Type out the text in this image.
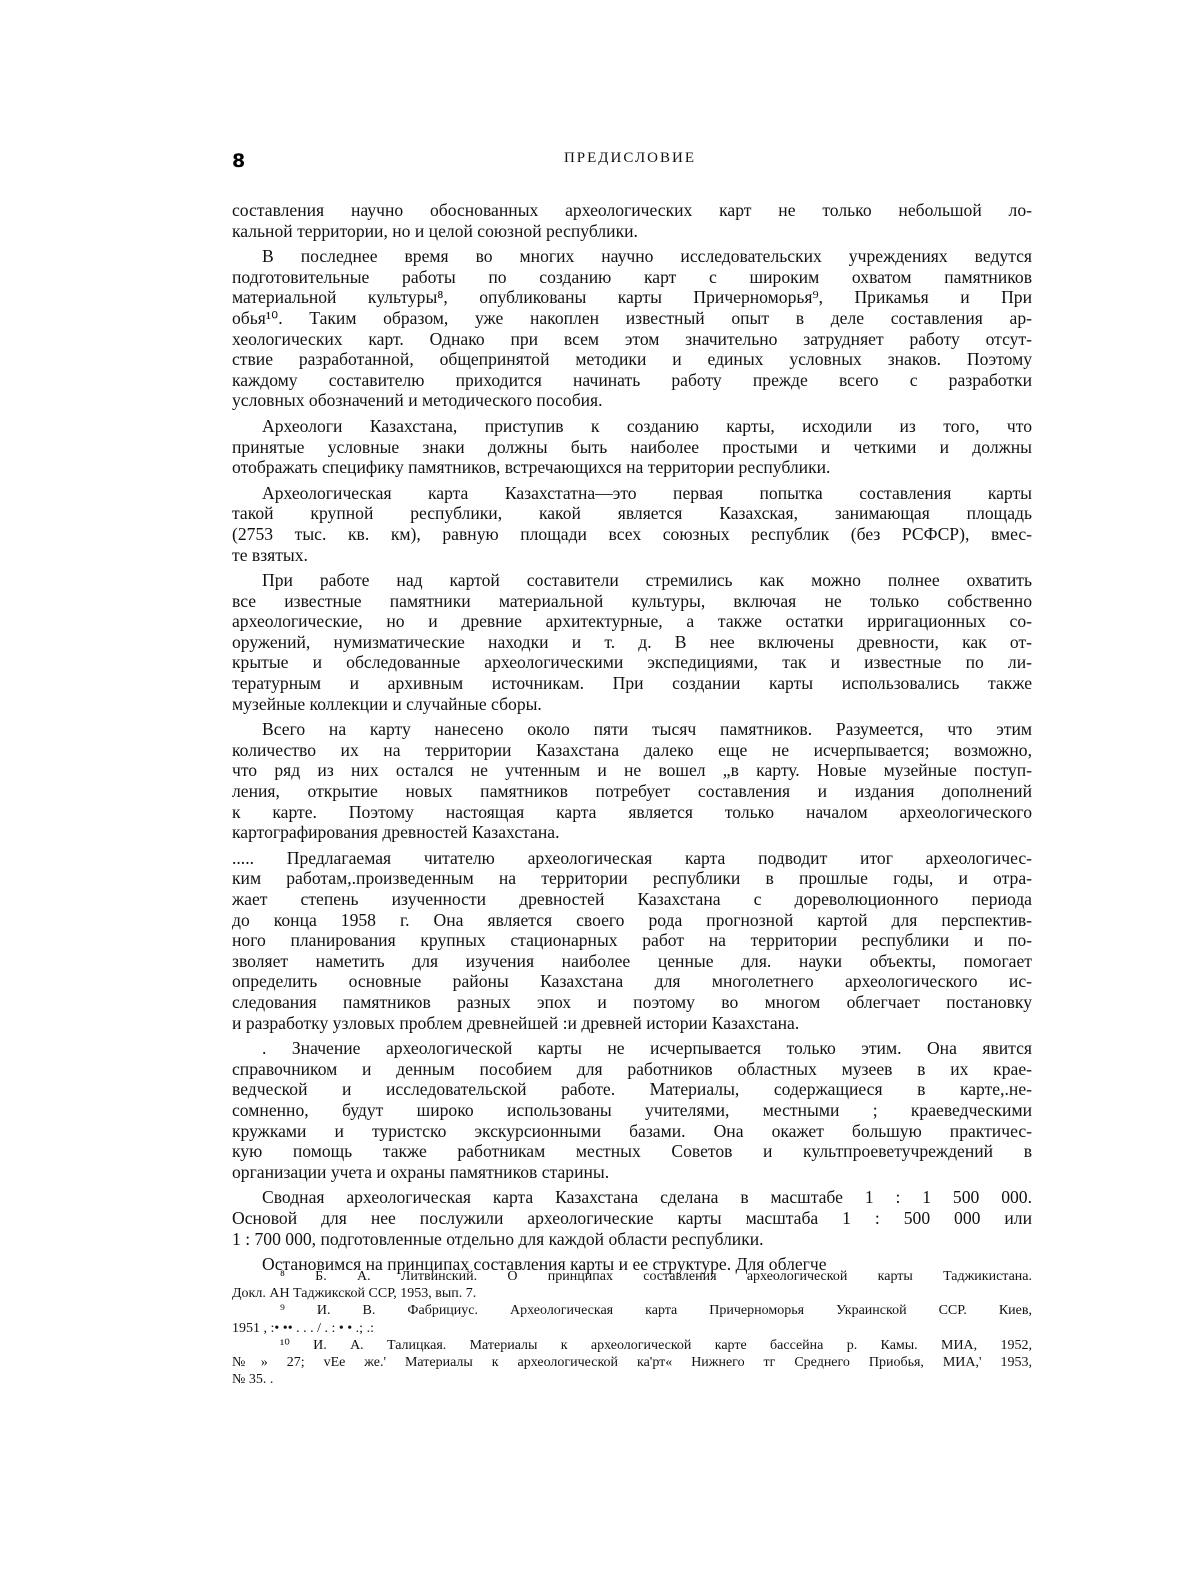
8	ПРЕДИСЛОВИЕ
составления научно обоснованных археологических карт не только небольшой ло-
кальной территории, но и целой союзной республики.
В последнее время во многих научно исследовательских учреждениях ведутся
подготовительные работы по созданию карт с широким охватом памятников
материальной культуры⁸, опубликованы карты Причерноморья⁹, Прикамья и При
обья¹⁰. Таким образом, уже накоплен известный опыт в деле составления ар-
хеологических карт. Однако при всем этом значительно затрудняет работу отсут-
ствие разработанной, общепринятой методики и единых условных знаков. Поэтому
каждому составителю приходится начинать работу прежде всего с разработки
условных обозначений и методического пособия.
Археологи Казахстана, приступив к созданию карты, исходили из того, что
принятые условные знаки должны быть наиболее простыми и четкими и должны
отображать специфику памятников, встречающихся на территории республики.
Археологическая карта Казахстатна—это первая попытка составления карты
такой крупной республики, какой является Казахская, занимающая площадь
(2753 тыс. кв. км), равную площади всех союзных республик (без РСФСР), вмес-
те взятых.
При работе над картой составители стремились как можно полнее охватить
все известные памятники материальной культуры, включая не только собственно
археологические, но и древние архитектурные, а также остатки ирригационных со-
оружений, нумизматические находки и т. д. В нее включены древности, как от-
крытые и обследованные археологическими экспедициями, так и известные по ли-
тературным и архивным источникам. При создании карты использовались также
музейные коллекции и случайные сборы.
Всего на карту нанесено около пяти тысяч памятников. Разумеется, что этим
количество их на территории Казахстана далеко еще не исчерпывается; возможно,
что ряд из них остался не учтенным и не вошел „в карту. Новые музейные поступ-
ления, открытие новых памятников потребует составления и издания дополнений
к карте. Поэтому настоящая карта является только началом археологического
картографирования древностей Казахстана.
..... Предлагаемая читателю археологическая карта подводит итог археологичес-
ким работам,.произведенным на территории республики в прошлые годы, и отра-
жает степень изученности древностей Казахстана с дореволюционного периода
до конца 1958 г. Она является своего рода прогнозной картой для перспектив-
ного планирования крупных стационарных работ на территории республики и по-
зволяет наметить для изучения наиболее ценные для. науки объекты, помогает
определить основные районы Казахстана для многолетнего археологического ис-
следования памятников разных эпох и поэтому во многом облегчает постановку
и разработку узловых проблем древнейшей :и древней истории Казахстана.
. Значение археологической карты не исчерпывается только этим. Она явится
справочником и денным пособием для работников областных музеев в их крае-
ведческой и исследовательской работе. Материалы, содержащиеся в карте,.не-
сомненно, будут широко использованы учителями, местными ; краеведческими
кружками и туристско экскурсионными базами. Она окажет большую практичес-
кую помощь также работникам местных Советов и культпроеветучреждений в
организации учета и охраны памятников старины.
Сводная археологическая карта Казахстана сделана в масштабе 1 : 1 500 000.
Основой для нее послужили археологические карты масштаба 1 : 500 000 или
1 : 700 000, подготовленные отдельно для каждой области республики.
Остановимся на принципах составления карты и ее структуре. Для облегче
⁸ Б. А. Литвинский. О принципах составления археологической карты Таджикистана.
Докл. АН Таджикской ССР, 1953, вып. 7.
⁹ И. В. Фабрициус. Археологическая карта Причерноморья Украинской ССР. Киев,
1951 , :• •• . . . / . : • • .; .:
¹⁰ И. А. Талицкая. Материалы к археологической карте бассейна р. Камы. МИА, 1952,
№» 27; vEe же.' Материалы к археологической ка'рт« Нижнего тг Среднего Приобья, МИА,' 1953,
№ 35. .
